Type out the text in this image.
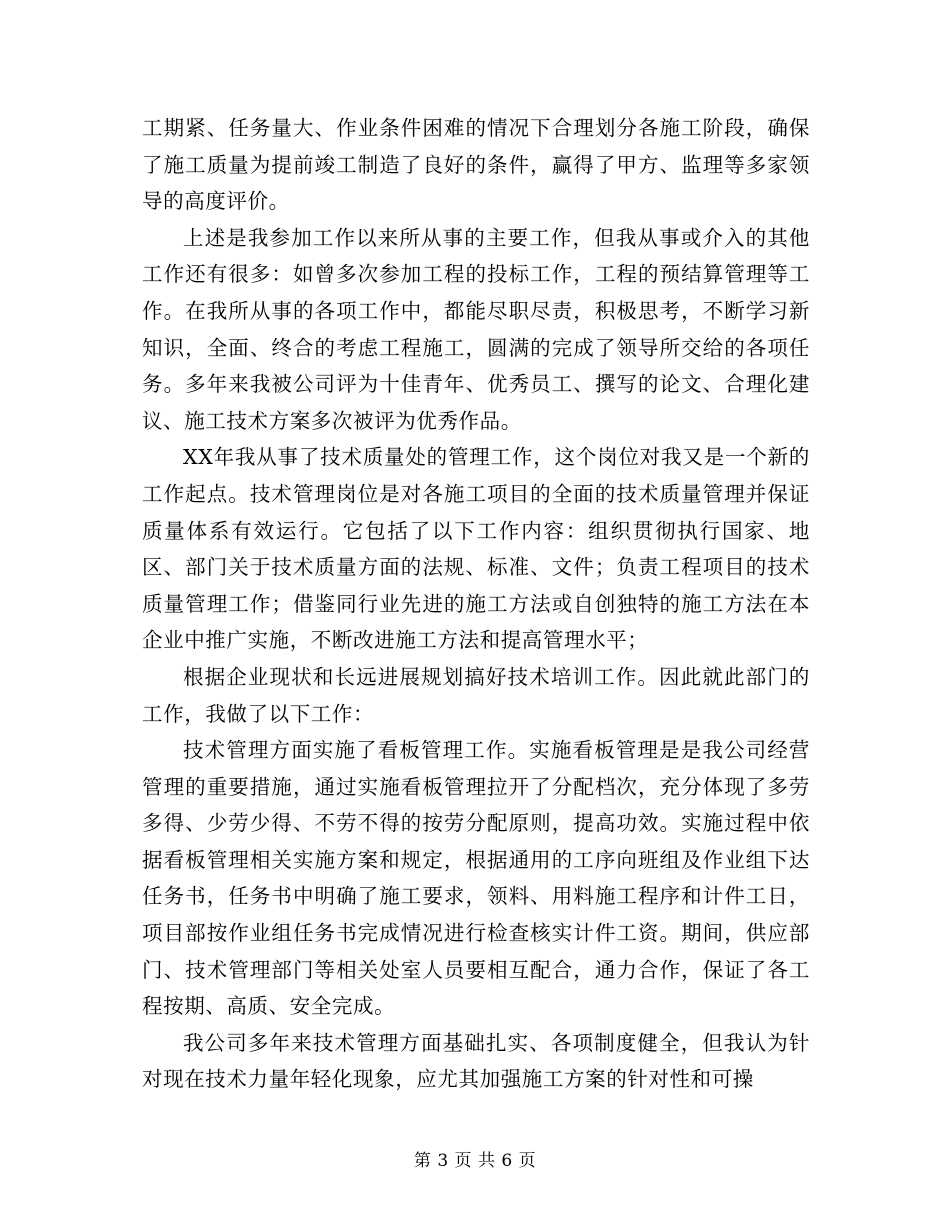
工期紧、任务量大、作业条件困难的情况下合理划分各施工阶段，确保了施工质量为提前竣工制造了良好的条件，赢得了甲方、监理等多家领导的高度评价。

上述是我参加工作以来所从事的主要工作，但我从事或介入的其他工作还有很多：如曾多次参加工程的投标工作，工程的预结算管理等工作。在我所从事的各项工作中，都能尽职尽责，积极思考，不断学习新知识，全面、终合的考虑工程施工，圆满的完成了领导所交给的各项任务。多年来我被公司评为十佳青年、优秀员工、撰写的论文、合理化建议、施工技术方案多次被评为优秀作品。

XX年我从事了技术质量处的管理工作，这个岗位对我又是一个新的工作起点。技术管理岗位是对各施工项目的全面的技术质量管理并保证质量体系有效运行。它包括了以下工作内容：组织贯彻执行国家、地区、部门关于技术质量方面的法规、标准、文件；负责工程项目的技术质量管理工作；借鉴同行业先进的施工方法或自创独特的施工方法在本企业中推广实施，不断改进施工方法和提高管理水平；

根据企业现状和长远进展规划搞好技术培训工作。因此就此部门的工作，我做了以下工作：

技术管理方面实施了看板管理工作。实施看板管理是是我公司经营管理的重要措施，通过实施看板管理拉开了分配档次，充分体现了多劳多得、少劳少得、不劳不得的按劳分配原则，提高功效。实施过程中依据看板管理相关实施方案和规定，根据通用的工序向班组及作业组下达任务书，任务书中明确了施工要求，领料、用料施工程序和计件工日，项目部按作业组任务书完成情况进行检查核实计件工资。期间，供应部门、技术管理部门等相关处室人员要相互配合，通力合作，保证了各工程按期、高质、安全完成。

我公司多年来技术管理方面基础扎实、各项制度健全，但我认为针对现在技术力量年轻化现象，应尤其加强施工方案的针对性和可操

第 3 页 共 6 页
